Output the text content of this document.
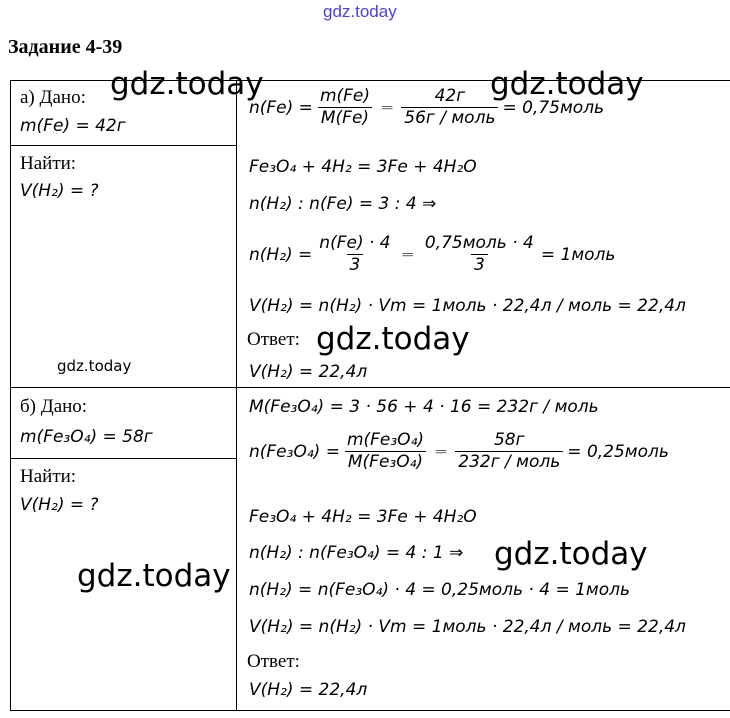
gdz.today
Задание 4-39
а) Дано:
m(Fe) = 42г
Найти:
V(H₂) = ?
gdz.today
$n(Fe) = \frac{m(Fe)}{M(Fe)} = \frac{42г}{\text{56г / моль}}$ = 0,75моль
Fe₃O₄ + 4H₂ = 3Fe + 4H₂O
n(H₂) : n(Fe) = 3 : 4 ⇒
$n(H_2) = \frac{n(Fe) \cdot 4}{3} = \frac{\text{0,75моль · 4}}{3}$ = 1моль
V(H₂) = n(H₂) · Vm = 1моль · 22,4л / моль = 22,4л
Ответ:
V(H₂) = 22,4л
б) Дано:
m(Fe₃O₄) = 58г
Найти:
V(H₂) = ?
M(Fe₃O₄) = 3 · 56 + 4 · 16 = 232г / моль
$n(Fe_3O_4) = \frac{\text{m(Fe₃O₄)}}{\text{M(Fe₃O₄)}} = \frac{58г}{\text{232г / моль}}$ = 0,25моль
Fe₃O₄ + 4H₂ = 3Fe + 4H₂O
n(H₂) : n(Fe₃O₄) = 4 : 1 ⇒
n(H₂) = n(Fe₃O₄) · 4 = 0,25моль · 4 = 1моль
V(H₂) = n(H₂) · Vm = 1моль · 22,4л / моль = 22,4л
Ответ:
V(H₂) = 22,4л
gdz.today	gdz.today
gdz.today
gdz.today
gdz.today
